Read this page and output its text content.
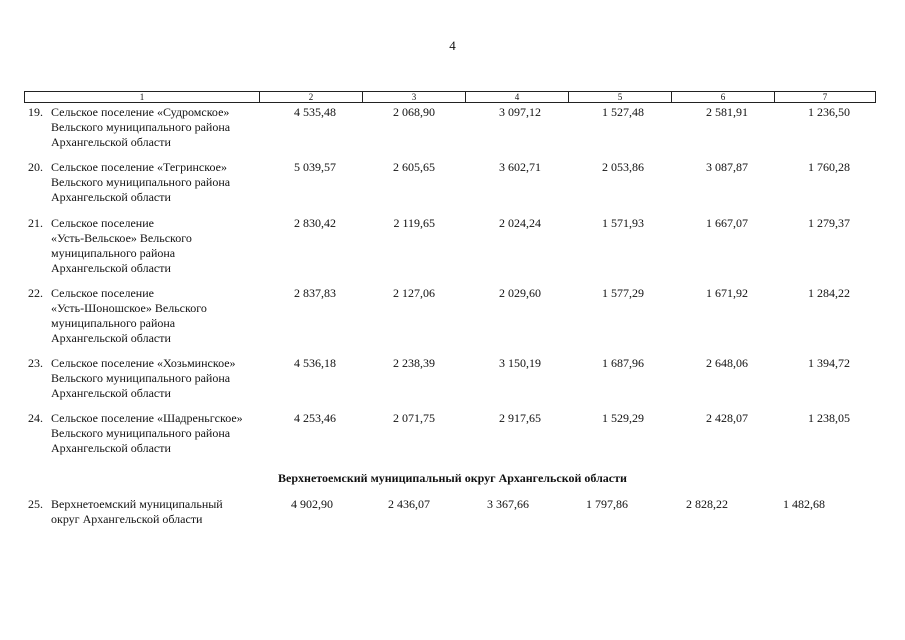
4
1	2	3	4	5	6	7
19. Сельское поселение «Судромское»
Вельского муниципального района
Архангельской области
4 535,48	2 068,90	3 097,12	1 527,48	2 581,91	1 236,50
20. Сельское поселение «Тегринское»
Вельского муниципального района
Архангельской области
5 039,57	2 605,65	3 602,71	2 053,86	3 087,87	1 760,28
21. Сельское поселение
«Усть-Вельское» Вельского
муниципального района
Архангельской области
2 830,42	2 119,65	2 024,24	1 571,93	1 667,07	1 279,37
22. Сельское поселение
«Усть-Шоношское» Вельского
муниципального района
Архангельской области
2 837,83	2 127,06	2 029,60	1 577,29	1 671,92	1 284,22
23. Сельское поселение «Хозьминское»
Вельского муниципального района
Архангельской области
4 536,18	2 238,39	3 150,19	1 687,96	2 648,06	1 394,72
24. Сельское поселение «Шадреньгское»
Вельского муниципального района
Архангельской области
4 253,46	2 071,75	2 917,65	1 529,29	2 428,07	1 238,05
Верхнетоемский муниципальный округ Архангельской области
25. Верхнетоемский муниципальный
округ Архангельской области
4 902,90	2 436,07	3 367,66	1 797,86	2 828,22	1 482,68
